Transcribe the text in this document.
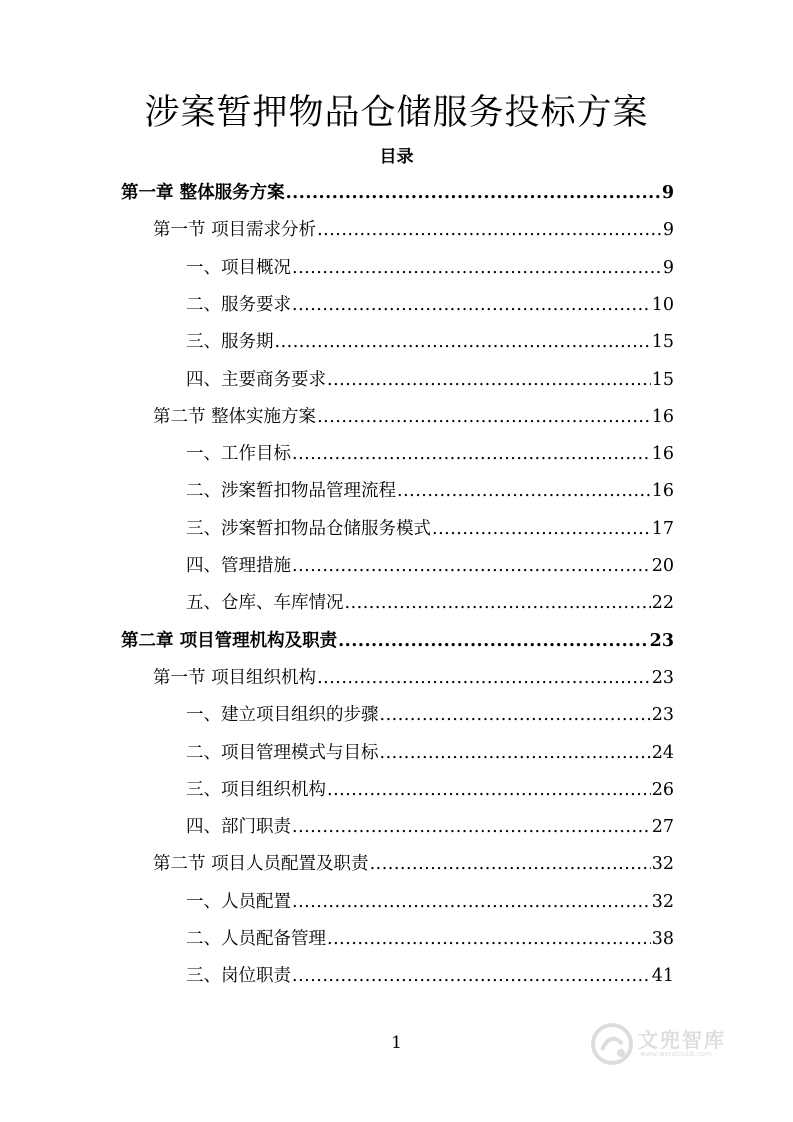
涉案暂押物品仓储服务投标方案
目录
第一章 整体服务方案 .....	9
第一节 项目需求分析 .....	9
一、项目概况 .....	9
二、服务要求 .....	10
三、服务期 .....	15
四、主要商务要求 .....	15
第二节 整体实施方案 .....	16
一、工作目标 .....	16
二、涉案暂扣物品管理流程 .....	16
三、涉案暂扣物品仓储服务模式 .....	17
四、管理措施 .....	20
五、仓库、车库情况 .....	22
第二章 项目管理机构及职责 .....	23
第一节 项目组织机构 .....	23
一、建立项目组织的步骤 .....	23
二、项目管理模式与目标 .....	24
三、项目组织机构 .....	26
四、部门职责 .....	27
第二节 项目人员配置及职责 .....	32
一、人员配置 .....	32
二、人员配备管理 .....	38
三、岗位职责 .....	41
1	文兜智库
www.wendoulib.com
